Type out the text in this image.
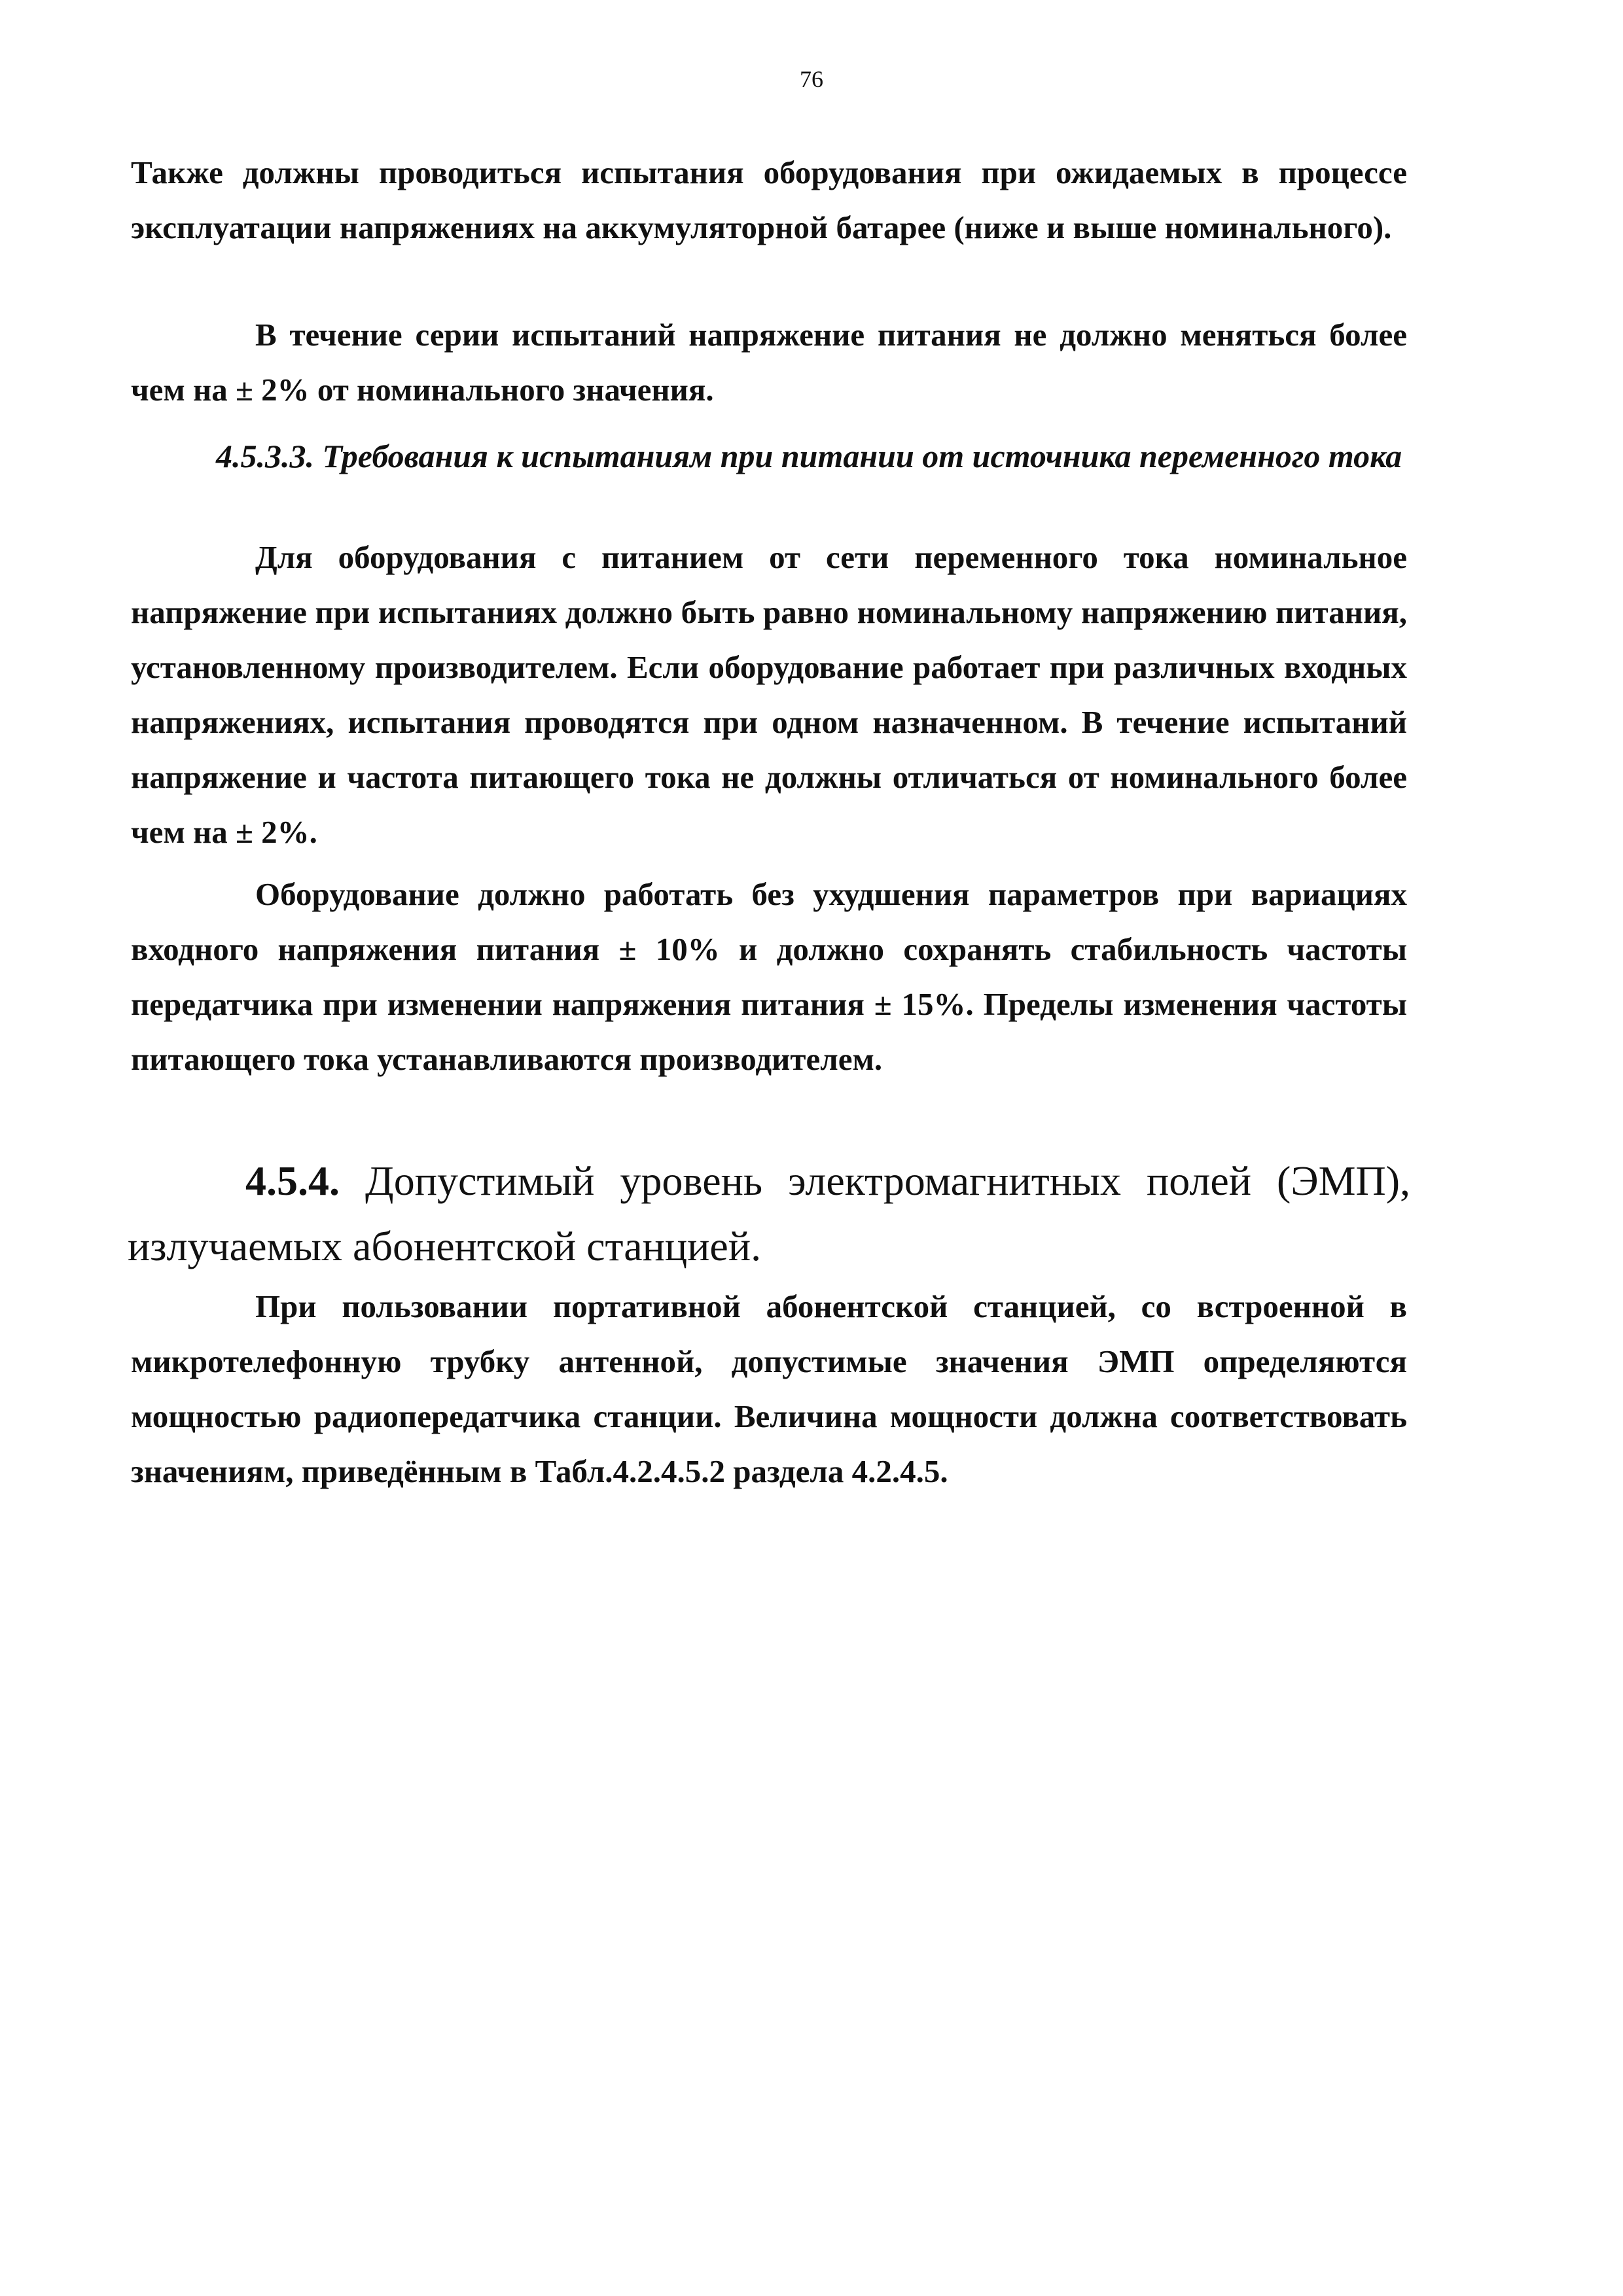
76

Также должны проводиться испытания оборудования при ожидаемых в процессе эксплуатации напряжениях на аккумуляторной батарее (ниже и выше номинального).

В течение серии испытаний напряжение питания не должно меняться более чем на ± 2% от номинального значения.

4.5.3.3. Требования к испытаниям при питании от источника переменного тока

Для оборудования с питанием от сети переменного тока номинальное напряжение при испытаниях должно быть равно номинальному напряжению питания, установленному производителем. Если оборудование работает при различных входных напряжениях, испытания проводятся при одном назначенном. В течение испытаний напряжение и частота питающего тока не должны отличаться от номинального более чем на ± 2%.

Оборудование должно работать без ухудшения параметров при вариациях входного напряжения питания ± 10% и должно сохранять стабильность частоты передатчика при изменении напряжения питания ± 15%. Пределы изменения частоты питающего тока устанавливаются производителем.

4.5.4. Допустимый уровень электромагнитных полей (ЭМП), излучаемых абонентской станцией.

При пользовании портативной абонентской станцией, со встроенной в микротелефонную трубку антенной, допустимые значения ЭМП определяются мощностью радиопередатчика станции. Величина мощности должна соответствовать значениям, приведённым в Табл.4.2.4.5.2 раздела 4.2.4.5.
